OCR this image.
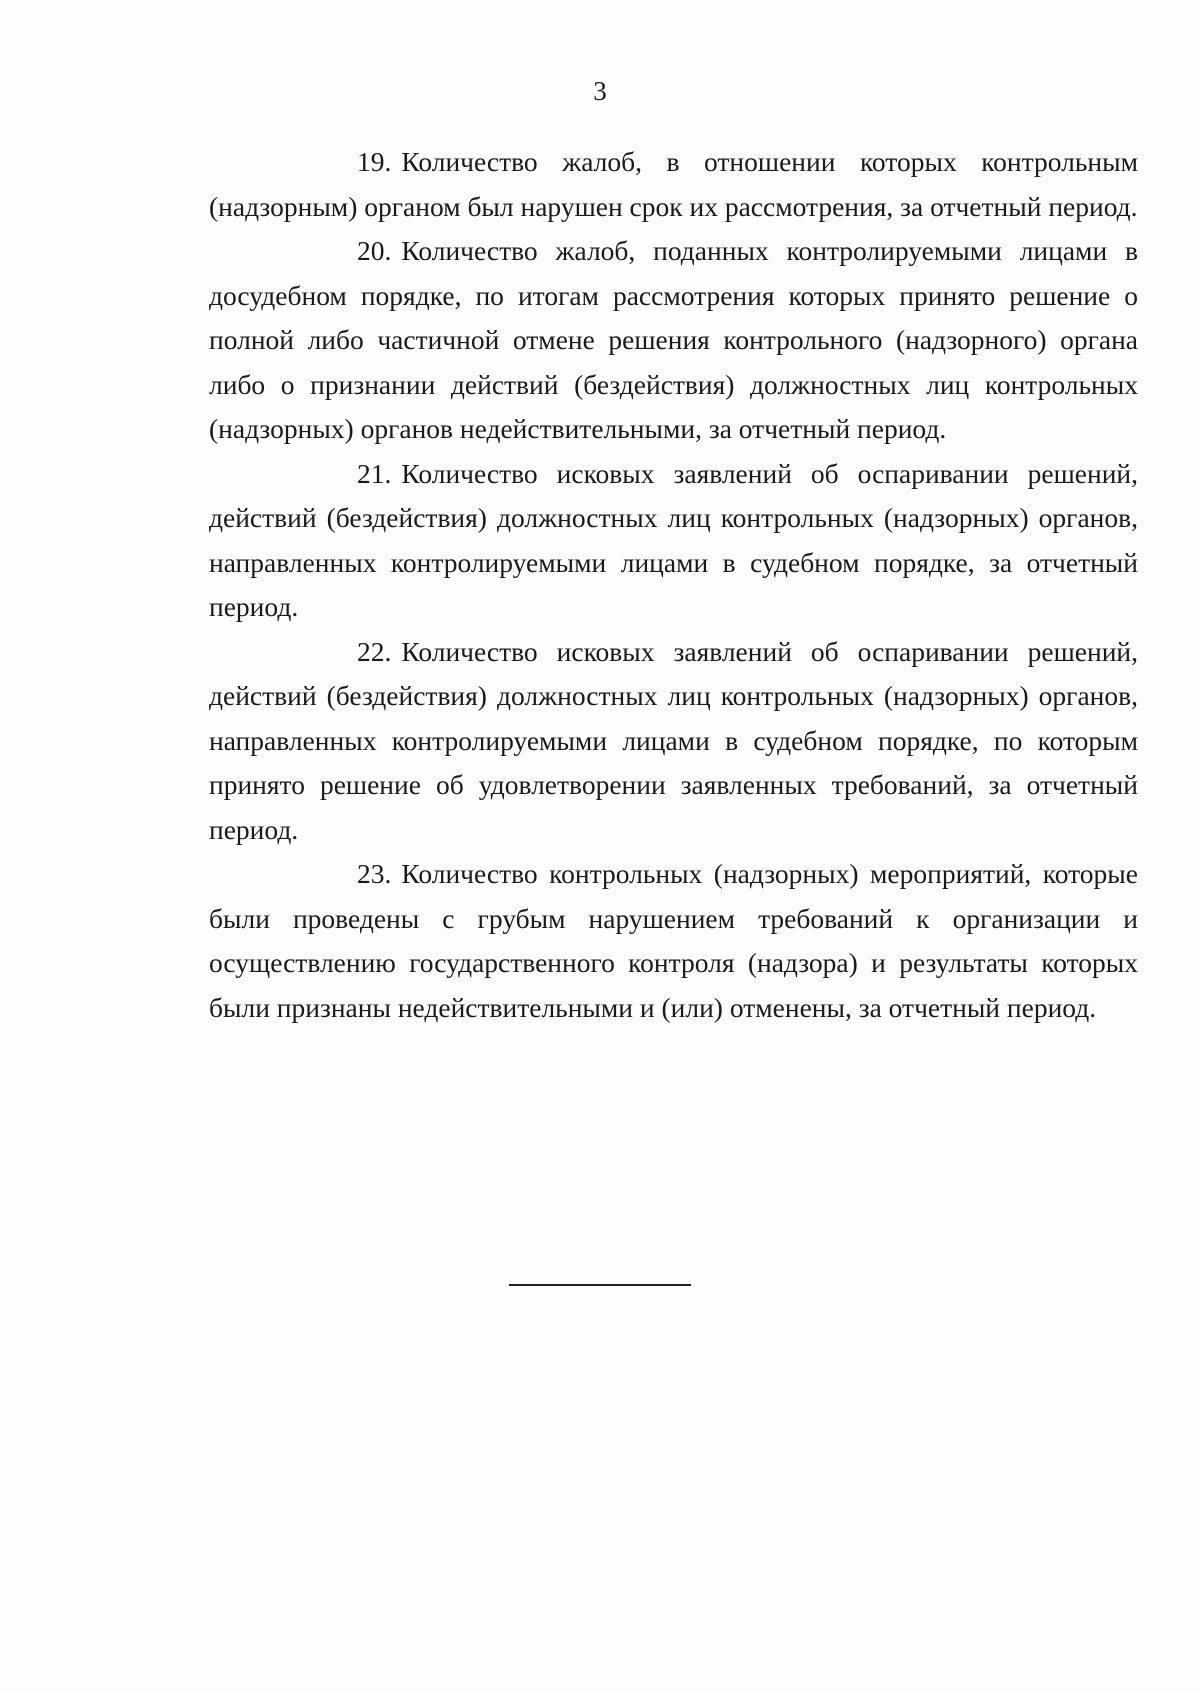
3

19. Количество жалоб, в отношении которых контрольным (надзорным) органом был нарушен срок их рассмотрения, за отчетный период.

20. Количество жалоб, поданных контролируемыми лицами в досудебном порядке, по итогам рассмотрения которых принято решение о полной либо частичной отмене решения контрольного (надзорного) органа либо о признании действий (бездействия) должностных лиц контрольных (надзорных) органов недействительными, за отчетный период.

21. Количество исковых заявлений об оспаривании решений, действий (бездействия) должностных лиц контрольных (надзорных) органов, направленных контролируемыми лицами в судебном порядке, за отчетный период.

22. Количество исковых заявлений об оспаривании решений, действий (бездействия) должностных лиц контрольных (надзорных) органов, направленных контролируемыми лицами в судебном порядке, по которым принято решение об удовлетворении заявленных требований, за отчетный период.

23. Количество контрольных (надзорных) мероприятий, которые были проведены с грубым нарушением требований к организации и осуществлению государственного контроля (надзора) и результаты которых были признаны недействительными и (или) отменены, за отчетный период.
